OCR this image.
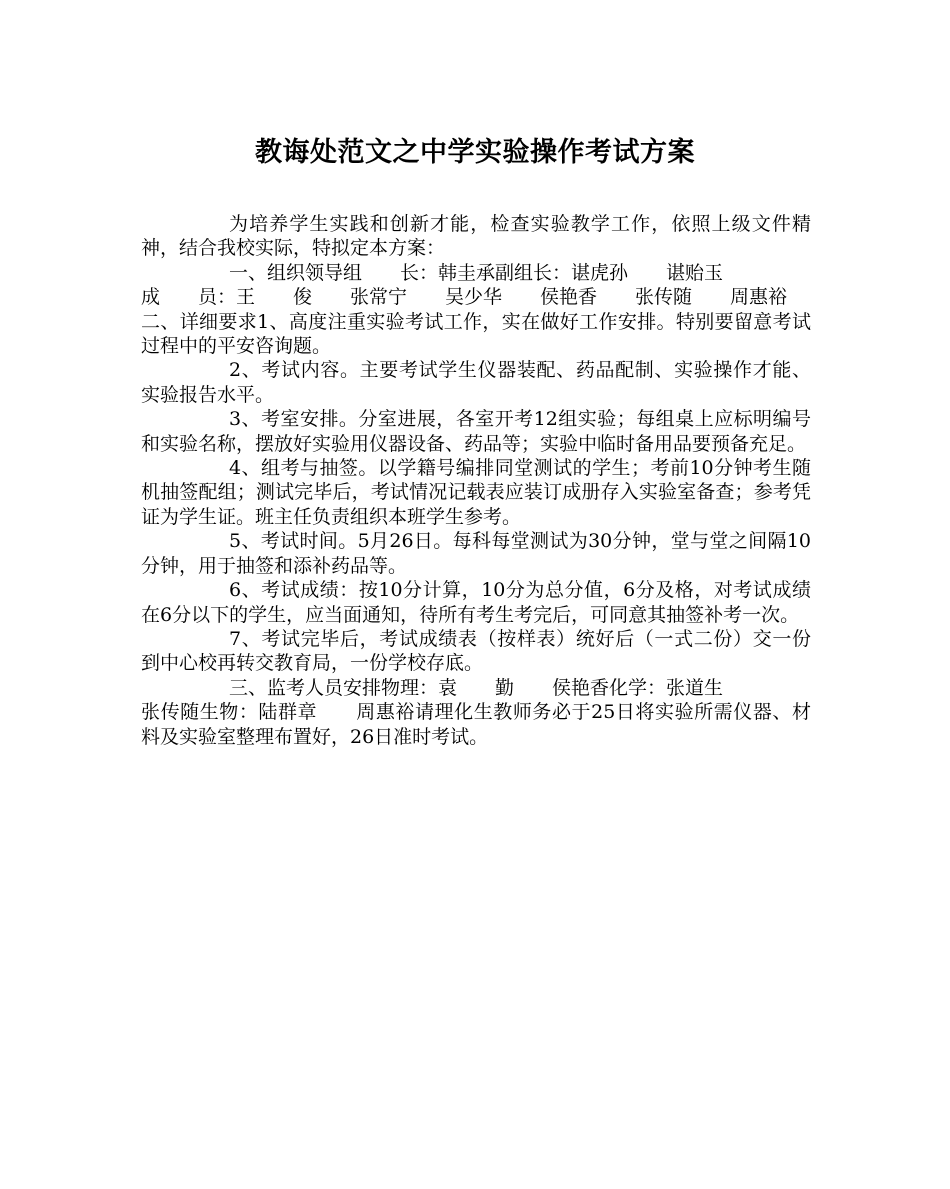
教诲处范文之中学实验操作考试方案

为培养学生实践和创新才能，检查实验教学工作，依照上级文件精神，结合我校实际，特拟定本方案：

一、组织领导组　　长：韩圭承副组长：谌虎孙　　谌贻玉

成　　员：王　　俊　　张常宁　　吴少华　　侯艳香　　张传随　　周惠裕

二、详细要求1、高度注重实验考试工作，实在做好工作安排。特别要留意考试过程中的平安咨询题。

2、考试内容。主要考试学生仪器装配、药品配制、实验操作才能、实验报告水平。

3、考室安排。分室进展，各室开考12组实验；每组桌上应标明编号和实验名称，摆放好实验用仪器设备、药品等；实验中临时备用品要预备充足。

4、组考与抽签。以学籍号编排同堂测试的学生；考前10分钟考生随机抽签配组；测试完毕后，考试情况记载表应装订成册存入实验室备查；参考凭证为学生证。班主任负责组织本班学生参考。

5、考试时间。5月26日。每科每堂测试为30分钟，堂与堂之间隔10分钟，用于抽签和添补药品等。

6、考试成绩：按10分计算，10分为总分值，6分及格，对考试成绩在6分以下的学生，应当面通知，待所有考生考完后，可同意其抽签补考一次。

7、考试完毕后，考试成绩表（按样表）统好后（一式二份）交一份到中心校再转交教育局，一份学校存底。

三、监考人员安排物理：袁　　勤　　侯艳香化学：张道生

张传随生物：陆群章　　周惠裕请理化生教师务必于25日将实验所需仪器、材料及实验室整理布置好，26日准时考试。
